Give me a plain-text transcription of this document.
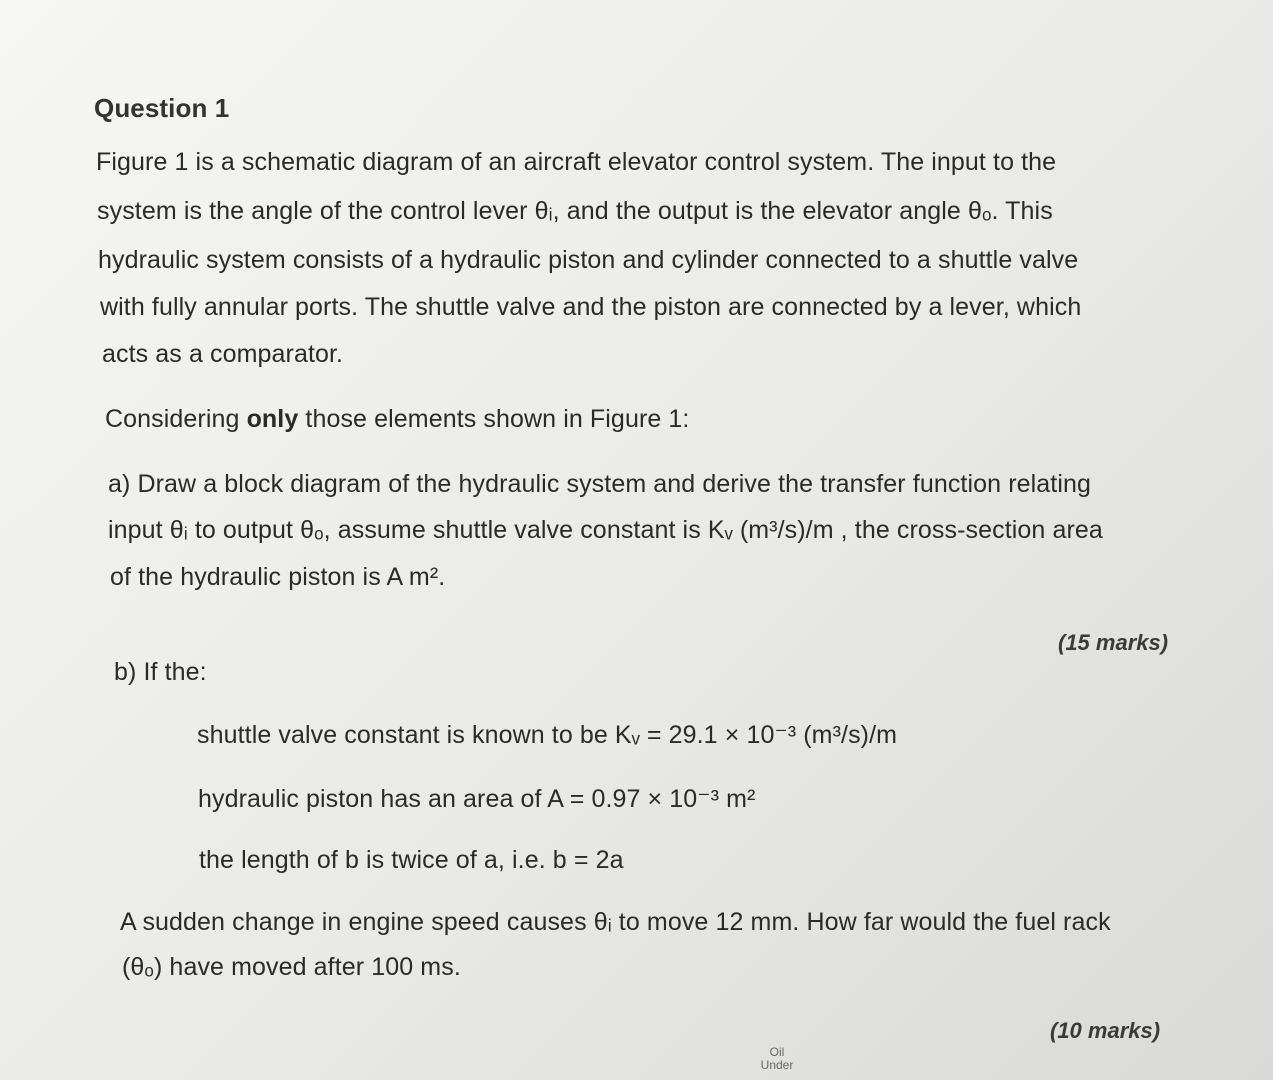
Question 1
Figure 1 is a schematic diagram of an aircraft elevator control system. The input to the
system is the angle of the control lever θᵢ, and the output is the elevator angle θₒ. This
hydraulic system consists of a hydraulic piston and cylinder connected to a shuttle valve
with fully annular ports. The shuttle valve and the piston are connected by a lever, which
acts as a comparator.
Considering only those elements shown in Figure 1:
a) Draw a block diagram of the hydraulic system and derive the transfer function relating
input θᵢ to output θₒ, assume shuttle valve constant is Kᵥ (m³/s)/m , the cross-section area
of the hydraulic piston is A m².
(15 marks)
b) If the:
shuttle valve constant is known to be Kᵥ = 29.1 × 10⁻³ (m³/s)/m
hydraulic piston has an area of A = 0.97 × 10⁻³ m²
the length of b is twice of a, i.e. b = 2a
A sudden change in engine speed causes θᵢ to move 12 mm. How far would the fuel rack
(θₒ) have moved after 100 ms.
(10 marks)
Oil
Under
